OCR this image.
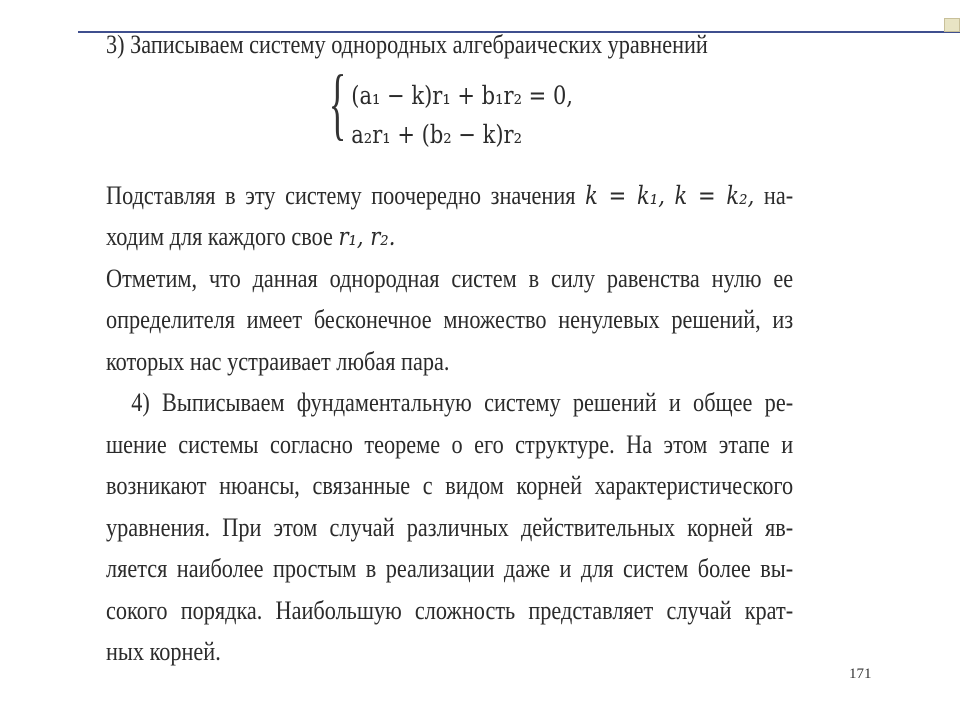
3) Записываем систему однородных алгебраических уравнений
{ (a₁ − k)r₁ + b₁r₂ = 0,
a₂r₁ + (b₂ − k)r₂
Подставляя в эту систему поочередно значения k = k₁, k = k₂, на-
ходим для каждого свое r₁, r₂.
Отметим, что данная однородная систем в силу равенства нулю ее
определителя имеет бесконечное множество ненулевых решений, из
которых нас устраивает любая пара.
4) Выписываем фундаментальную систему решений и общее ре-
шение системы согласно теореме о его структуре. На этом этапе и
возникают нюансы, связанные с видом корней характеристического
уравнения. При этом случай различных действительных корней яв-
ляется наиболее простым в реализации даже и для систем более вы-
сокого порядка. Наибольшую сложность представляет случай крат-
ных корней.
171
